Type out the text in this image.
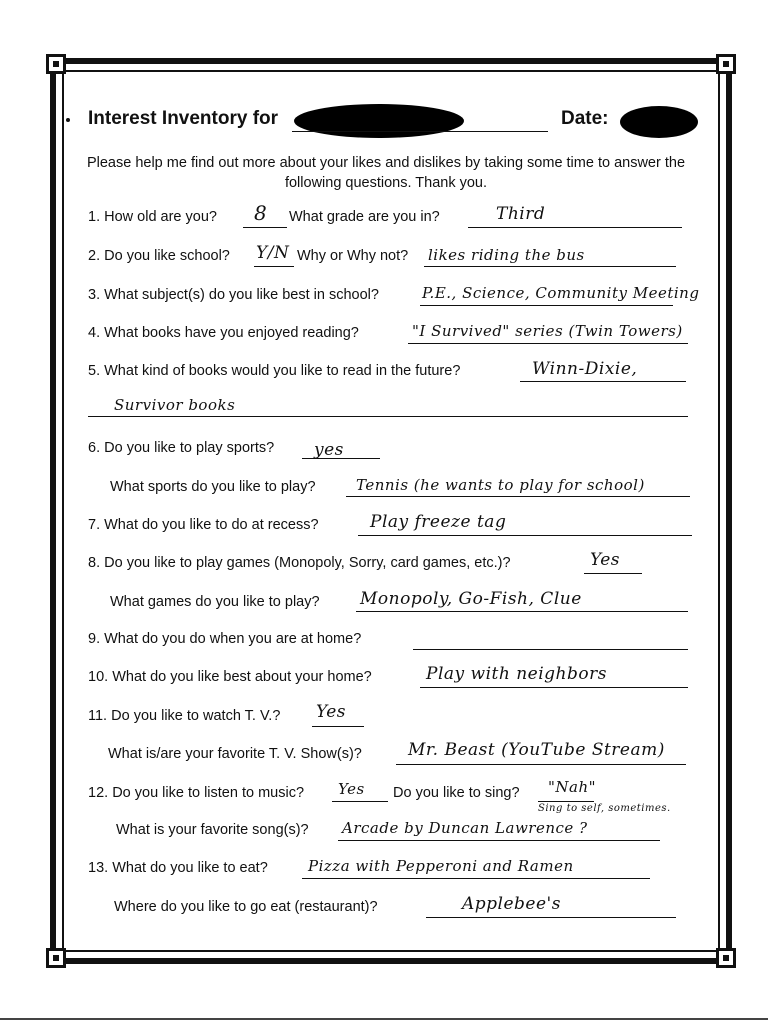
Interest Inventory for	Date:
Please help me find out more about your likes and dislikes by taking some time to answer the following questions. Thank you.
1. How old are you? 8 What grade are you in?	Third
2. Do you like school? Y/N Why or Why not? likes riding the bus
3. What subject(s) do you like best in school?	P.E., Science, Community Meeting
4. What books have you enjoyed reading?	"I Survived" series (Twin Towers)
5. What kind of books would you like to read in the future?	Winn-Dixie,
Survivor books
6. Do you like to play sports? yes
What sports do you like to play?	Tennis (he wants to play for school)
7. What do you like to do at recess?	Play freeze tag
8. Do you like to play games (Monopoly, Sorry, card games, etc.)?	Yes
What games do you like to play? Monopoly, Go-Fish, Clue
9. What do you do when you are at home?
10. What do you like best about your home?	Play with neighbors
11. Do you like to watch T. V.? Yes
What is/are your favorite T. V. Show(s)?	Mr. Beast (YouTube Stream)
12. Do you like to listen to music? Yes Do you like to sing? "Nah"
Sing to self, sometimes.
What is your favorite song(s)? Arcade by Duncan Lawrence ?
13. What do you like to eat?	Pizza with Pepperoni and Ramen
Where do you like to go eat (restaurant)?	Applebee's
